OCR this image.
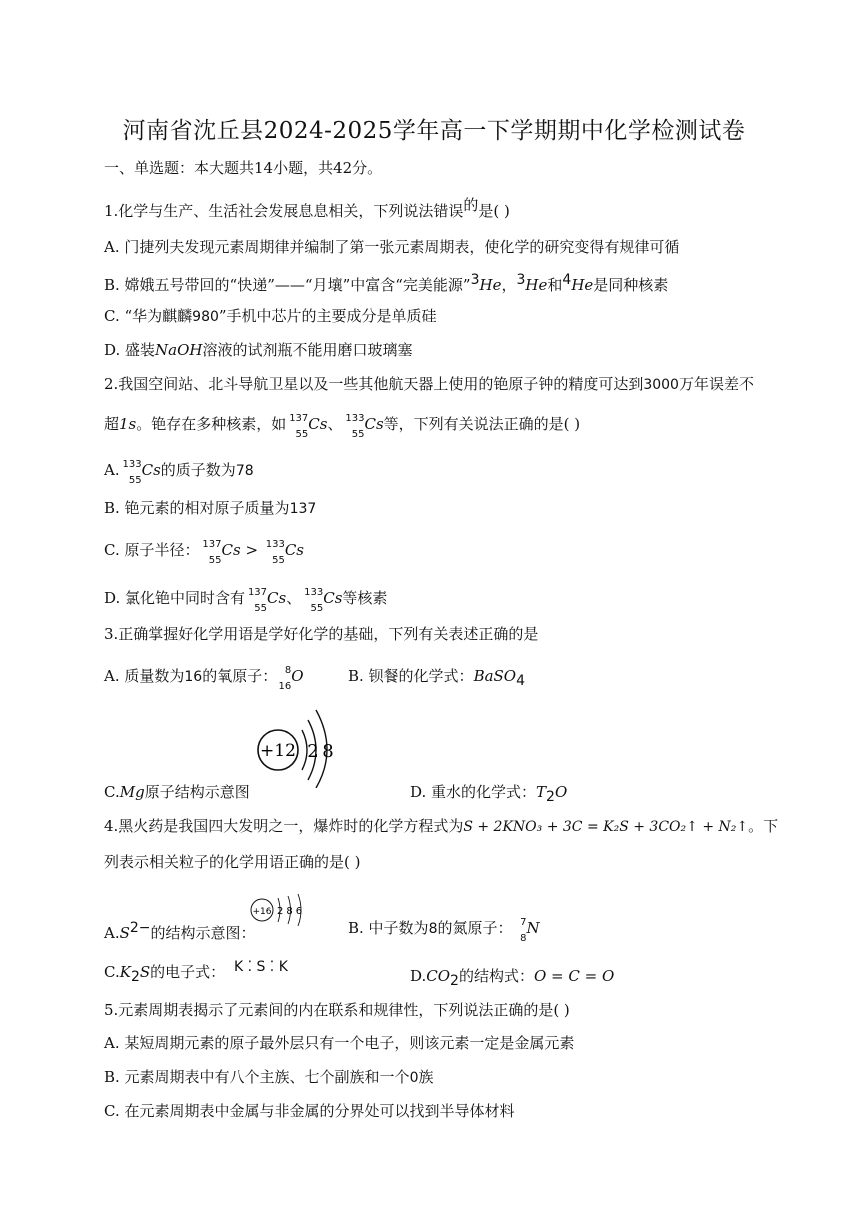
河南省沈丘县2024-2025学年高一下学期期中化学检测试卷
一、单选题：本大题共14小题，共42分。
1.化学与生产、生活社会发展息息相关，下列说法错误的是( )
A. 门捷列夫发现元素周期律并编制了第一张元素周期表，使化学的研究变得有规律可循
B. 嫦娥五号带回的“快递”——“月壤”中富含“完美能源”$^3$He，$^3$He和$^4$He是同种核素
C. “华为麒麟980”手机中芯片的主要成分是单质硅
D. 盛装NaOH溶液的试剂瓶不能用磨口玻璃塞
2.我国空间站、北斗导航卫星以及一些其他航天器上使用的铯原子钟的精度可达到3000万年误差不
超1s。铯存在多种核素，如 137
55
Cs、 133
55
Cs等，下列有关说法正确的是( )
A. 133
55
Cs的质子数为78
B. 铯元素的相对原子质量为137
C. 原子半径： 137
55
Cs > 133
55
Cs
D. 氯化铯中同时含有 137
55
Cs、 133
55
Cs等核素
3.正确掌握好化学用语是学好化学的基础，下列有关表述正确的是
A. 质量数为16的氧原子： 8
16
O	B. 钡餐的化学式：BaSO$_4$
+12 2 8
C.Mg原子结构示意图	D. 重水的化学式：$T_2O$
4.黑火药是我国四大发明之一，爆炸时的化学方程式为S + 2KNO₃ + 3C = K₂S + 3CO₂↑ + N₂↑。下
列表示相关粒子的化学用语正确的是( )
$A.S^{2-}$的结构示意图：
+16 286
B. 中子数为8的氮原子： 7
8
N
$C.K_2S$的电子式： K ⁚ S ⁚ K	$D.CO_2$的结构式：O = C = O
5.元素周期表揭示了元素间的内在联系和规律性，下列说法正确的是( )
A. 某短周期元素的原子最外层只有一个电子，则该元素一定是金属元素
B. 元素周期表中有八个主族、七个副族和一个0族
C. 在元素周期表中金属与非金属的分界处可以找到半导体材料
